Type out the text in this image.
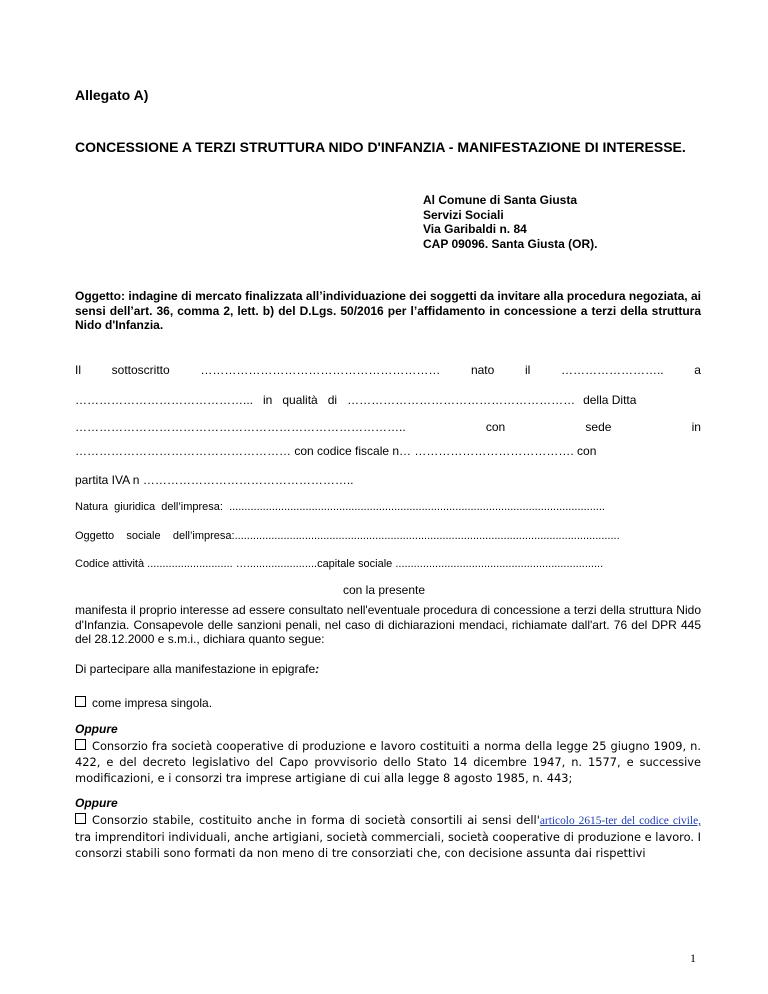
Allegato A)
CONCESSIONE A TERZI STRUTTURA NIDO D'INFANZIA - MANIFESTAZIONE DI INTERESSE.
Al Comune di Santa Giusta
Servizi Sociali
Via Garibaldi n. 84
CAP 09096. Santa Giusta (OR).
Oggetto: indagine di mercato finalizzata all’individuazione dei soggetti da invitare alla procedura negoziata, ai sensi dell’art. 36, comma 2, lett. b) del D.Lgs. 50/2016 per l’affidamento in concessione a terzi della struttura Nido d'Infanzia.
Il	sottoscritto	……………………………………………………	nato	il	……………………..	a
……………………………………... in qualità di ………………………………………………… della Ditta
………………………………………………………………………..	con	sede	in
……………………………………………… con codice fiscale n… …………………………………. con
partita IVA n ……………………………………………..
Natura  giuridica  dell’impresa:  ...........................................................................................................................
Oggetto    sociale    dell’impresa:..............................................................................................................................
Codice attività ............................ ….......................capitale sociale ....................................................................
con la presente
manifesta il proprio interesse ad essere consultato nell'eventuale procedura di concessione a terzi della struttura Nido d'Infanzia. Consapevole delle sanzioni penali, nel caso di dichiarazioni mendaci, richiamate dall'art. 76 del DPR 445 del 28.12.2000 e s.m.i., dichiara quanto segue:
Di partecipare alla manifestazione in epigrafe:
come impresa singola.
Oppure
Consorzio fra società cooperative di produzione e lavoro costituiti a norma della legge 25 giugno 1909, n. 422, e del decreto legislativo del Capo provvisorio dello Stato 14 dicembre 1947, n. 1577, e successive modificazioni, e i consorzi tra imprese artigiane di cui alla legge 8 agosto 1985, n. 443;
Oppure
Consorzio stabile, costituito anche in forma di società consortili ai sensi dell'articolo 2615-ter del codice civile, tra imprenditori individuali, anche artigiani, società commerciali, società cooperative di produzione e lavoro. I consorzi stabili sono formati da non meno di tre consorziati che, con decisione assunta dai rispettivi
1
